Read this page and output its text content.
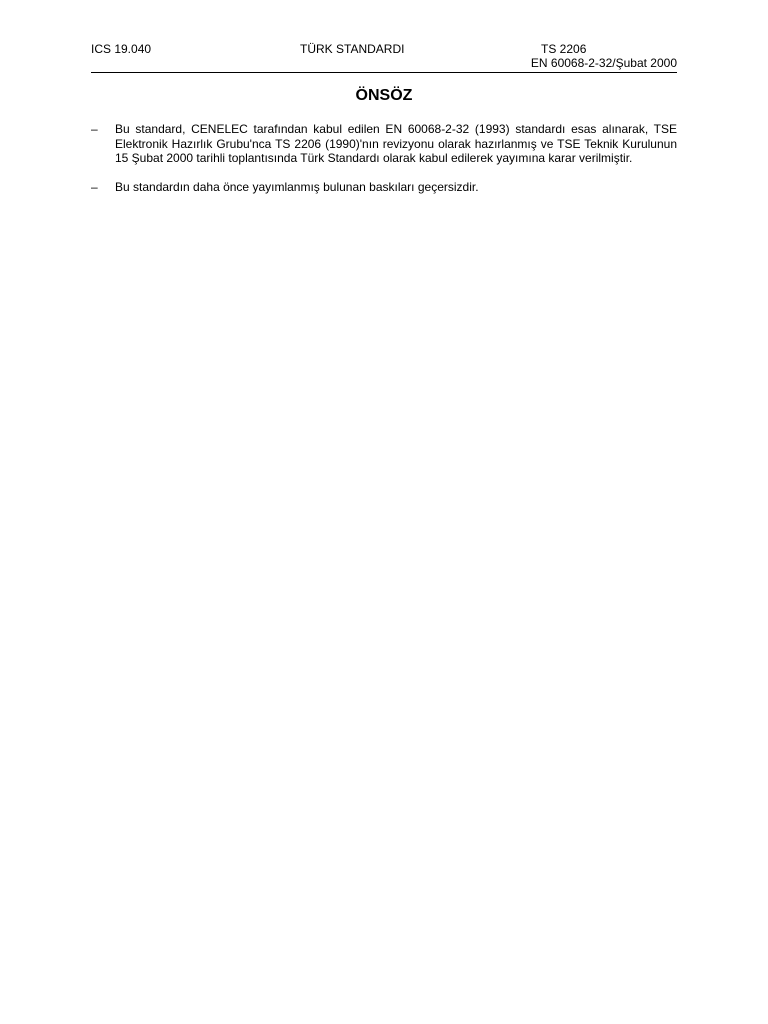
ICS 19.040	TÜRK STANDARDI	TS 2206
EN 60068-2-32/Şubat 2000
ÖNSÖZ
–	Bu standard, CENELEC tarafından kabul edilen EN 60068-2-32 (1993) standardı esas alınarak, TSE Elektronik Hazırlık Grubu'nca TS 2206 (1990)'nın revizyonu olarak hazırlanmış ve TSE Teknik Kurulunun 15 Şubat 2000 tarihli toplantısında Türk Standardı olarak kabul edilerek yayımına karar verilmiştir.
–	Bu standardın daha önce yayımlanmış bulunan baskıları geçersizdir.
